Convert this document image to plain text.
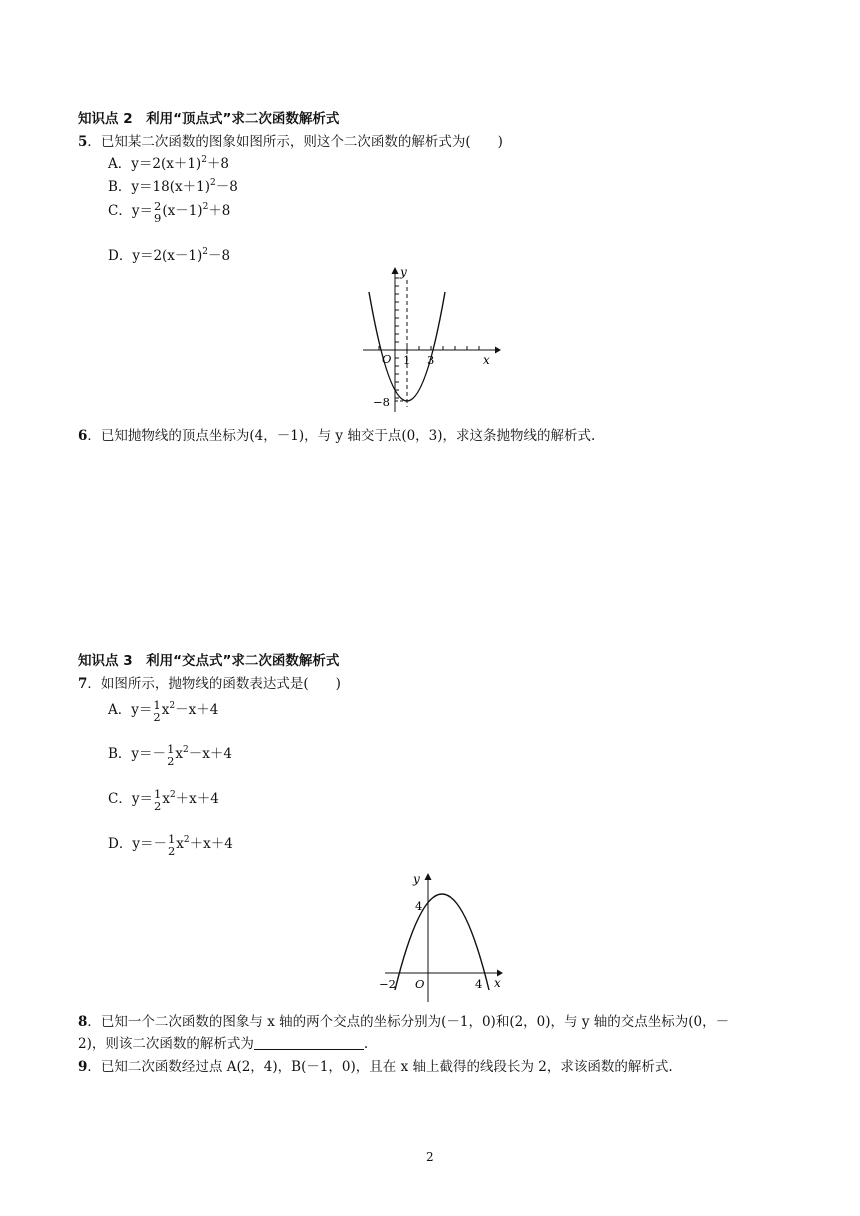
知识点 2　利用“顶点式”求二次函数解析式
5．已知某二次函数的图象如图所示，则这个二次函数的解析式为(　　)
A．$y=2(x+1)^2+8$
B．$y=18(x+1)^2-8$
C．y＝ 2
9 $(x-1)^2+8$
D．$y=2(x-1)^2-8$
y
x
O 1 3
−8
6．已知抛物线的顶点坐标为(4，－1)，与 y 轴交于点(0，3)，求这条抛物线的解析式.
知识点 3　利用“交点式”求二次函数解析式
7．如图所示，抛物线的函数表达式是(　　)
A．y＝ 1
2 $x^2-x+4$
B．y＝－ 1
2 $x^2-x+4$
C．y＝ 1
2 $x^2+x+4$
D．y＝－ 1
2 $x^2+x+4$
y
x
O
4
−2	4
8．已知一个二次函数的图象与 x 轴的两个交点的坐标分别为(－1，0)和(2，0)，与 y 轴的交点坐标为(0，－
2)，则该二次函数的解析式为	.
9．已知二次函数经过点 A(2，4)，B(－1，0)，且在 x 轴上截得的线段长为 2，求该函数的解析式.
2
